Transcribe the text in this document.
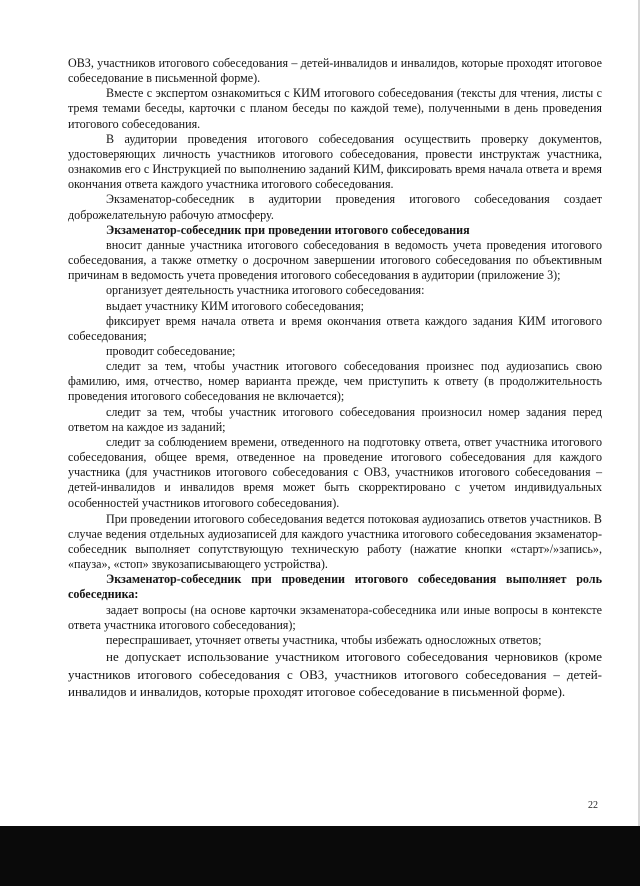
ОВЗ, участников итогового собеседования – детей-инвалидов и инвалидов, которые проходят итоговое собеседование в письменной форме).

Вместе с экспертом ознакомиться с КИМ итогового собеседования (тексты для чтения, листы с тремя темами беседы, карточки с планом беседы по каждой теме), полученными в день проведения итогового собеседования.

В аудитории проведения итогового собеседования осуществить проверку документов, удостоверяющих личность участников итогового собеседования, провести инструктаж участника, ознакомив его с Инструкцией по выполнению заданий КИМ, фиксировать время начала ответа и время окончания ответа каждого участника итогового собеседования.

Экзаменатор-собеседник в аудитории проведения итогового собеседования создает доброжелательную рабочую атмосферу.

Экзаменатор-собеседник при проведении итогового собеседования

вносит данные участника итогового собеседования в ведомость учета проведения итогового собеседования, а также отметку о досрочном завершении итогового собеседования по объективным причинам в ведомость учета проведения итогового собеседования в аудитории (приложение 3);

организует деятельность участника итогового собеседования:

выдает участнику КИМ итогового собеседования;

фиксирует время начала ответа и время окончания ответа каждого задания КИМ итогового собеседования;

проводит собеседование;

следит за тем, чтобы участник итогового собеседования произнес под аудиозапись свою фамилию, имя, отчество, номер варианта прежде, чем приступить к ответу (в продолжительность проведения итогового собеседования не включается);

следит за тем, чтобы участник итогового собеседования произносил номер задания перед ответом на каждое из заданий;

следит за соблюдением времени, отведенного на подготовку ответа, ответ участника итогового собеседования, общее время, отведенное на проведение итогового собеседования для каждого участника (для участников итогового собеседования с ОВЗ, участников итогового собеседования – детей-инвалидов и инвалидов время может быть скорректировано с учетом индивидуальных особенностей участников итогового собеседования).

При проведении итогового собеседования ведется потоковая аудиозапись ответов участников. В случае ведения отдельных аудиозаписей для каждого участника итогового собеседования экзаменатор-собеседник выполняет сопутствующую техническую работу (нажатие кнопки «старт»/»запись», «пауза», «стоп» звукозаписывающего устройства).

Экзаменатор-собеседник при проведении итогового собеседования выполняет роль собеседника:

задает вопросы (на основе карточки экзаменатора-собеседника или иные вопросы в контексте ответа участника итогового собеседования);

переспрашивает, уточняет ответы участника, чтобы избежать односложных ответов;

не допускает использование участником итогового собеседования черновиков (кроме участников итогового собеседования с ОВЗ, участников итогового собеседования – детей-инвалидов и инвалидов, которые проходят итоговое собеседование в письменной форме).

22
